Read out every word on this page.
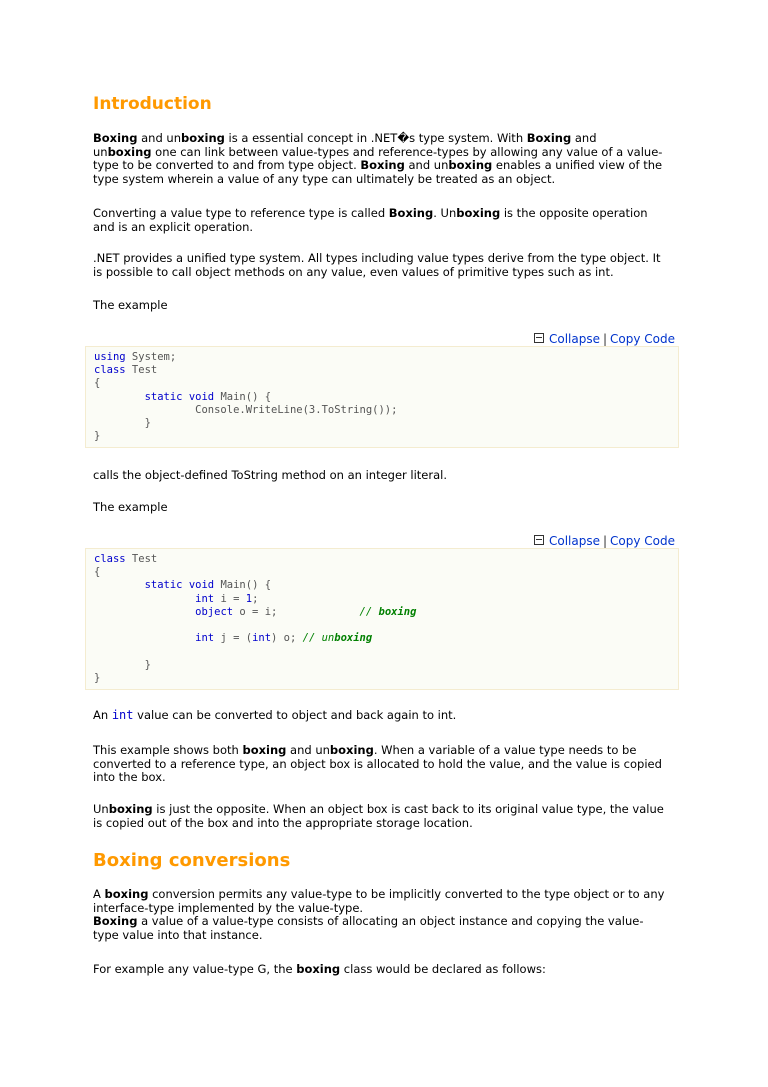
Introduction

Boxing and unboxing is a essential concept in .NET�s type system. With Boxing and
unboxing one can link between value-types and reference-types by allowing any value of a value-
type to be converted to and from type object. Boxing and unboxing enables a unified view of the
type system wherein a value of any type can ultimately be treated as an object.

Converting a value type to reference type is called Boxing. Unboxing is the opposite operation
and is an explicit operation.

.NET provides a unified type system. All types including value types derive from the type object. It
is possible to call object methods on any value, even values of primitive types such as int.

The example

Collapse | Copy Code
using System;
class Test
{
static void Main() {
Console.WriteLine(3.ToString());
}
}

calls the object-defined ToString method on an integer literal.

The example

Collapse | Copy Code
class Test
{
static void Main() {
int i = 1;
object o = i;             // boxing

int j = (int) o; // unboxing

}
}

An int value can be converted to object and back again to int.

This example shows both boxing and unboxing. When a variable of a value type needs to be
converted to a reference type, an object box is allocated to hold the value, and the value is copied
into the box.

Unboxing is just the opposite. When an object box is cast back to its original value type, the value
is copied out of the box and into the appropriate storage location.

Boxing conversions

A boxing conversion permits any value-type to be implicitly converted to the type object or to any
interface-type implemented by the value-type.
Boxing a value of a value-type consists of allocating an object instance and copying the value-
type value into that instance.

For example any value-type G, the boxing class would be declared as follows:
